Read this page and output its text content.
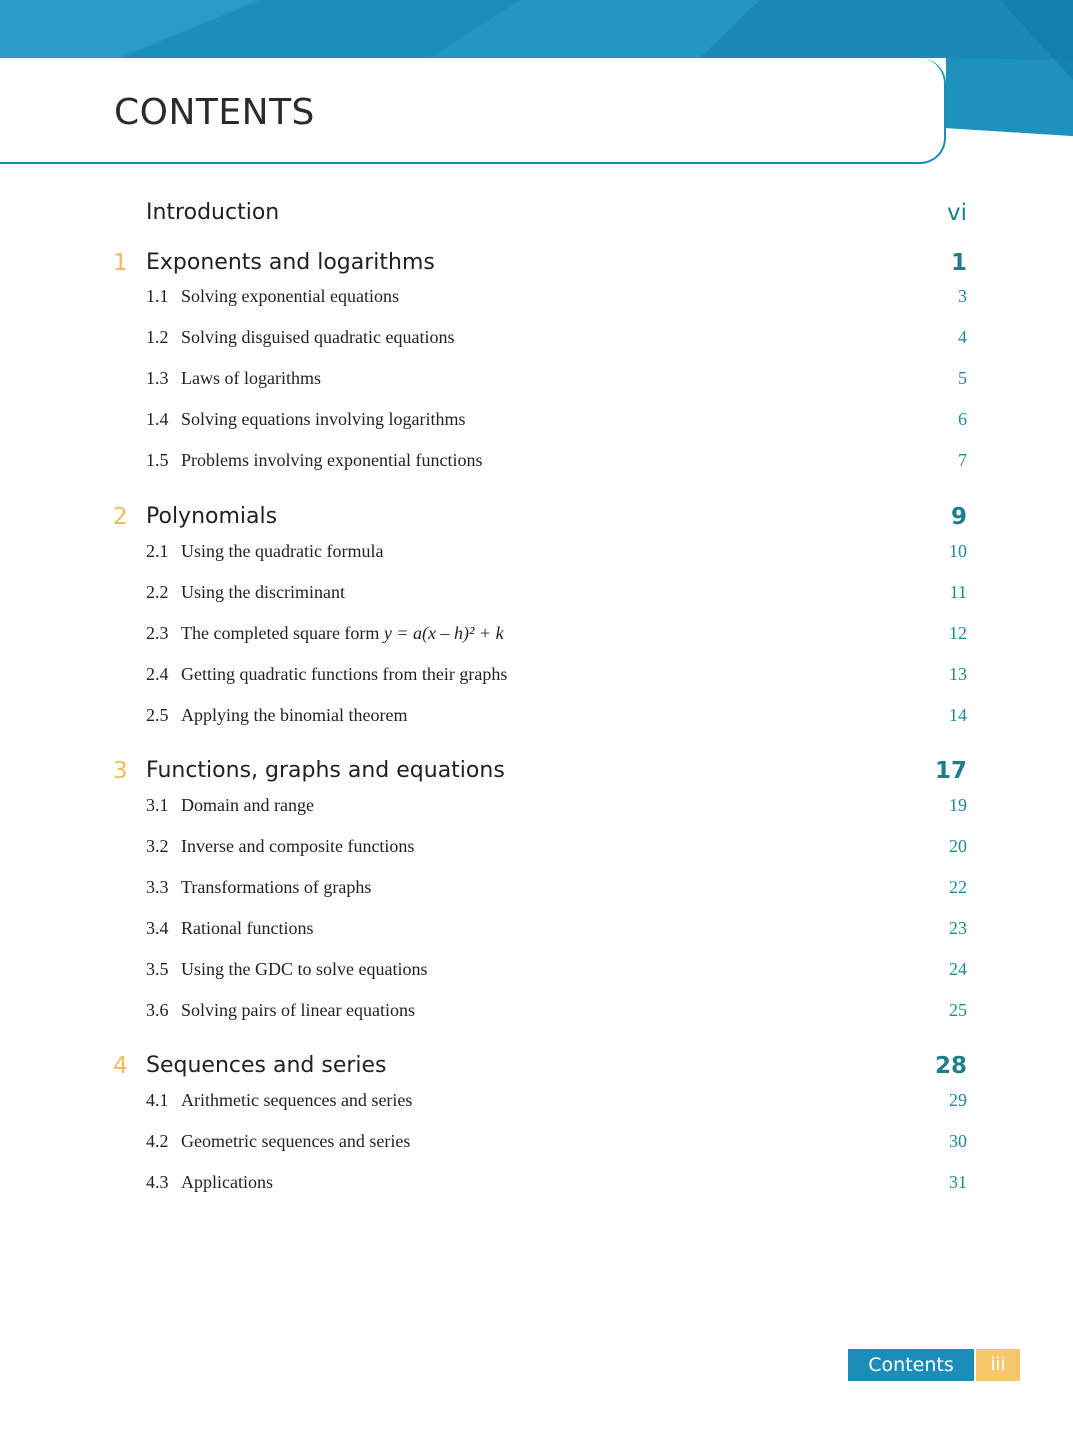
CONTENTS
Introduction	vi
1 Exponents and logarithms	1
1.1 Solving exponential equations	3
1.2 Solving disguised quadratic equations	4
1.3 Laws of logarithms	5
1.4 Solving equations involving logarithms	6
1.5 Problems involving exponential functions	7
2 Polynomials	9
2.1 Using the quadratic formula	10
2.2 Using the discriminant	11
2.3 The completed square form y = a(x – h)² + k	12
2.4 Getting quadratic functions from their graphs	13
2.5 Applying the binomial theorem	14
3 Functions, graphs and equations	17
3.1 Domain and range	19
3.2 Inverse and composite functions	20
3.3 Transformations of graphs	22
3.4 Rational functions	23
3.5 Using the GDC to solve equations	24
3.6 Solving pairs of linear equations	25
4 Sequences and series	28
4.1 Arithmetic sequences and series	29
4.2 Geometric sequences and series	30
4.3 Applications	31
Contents	iii
